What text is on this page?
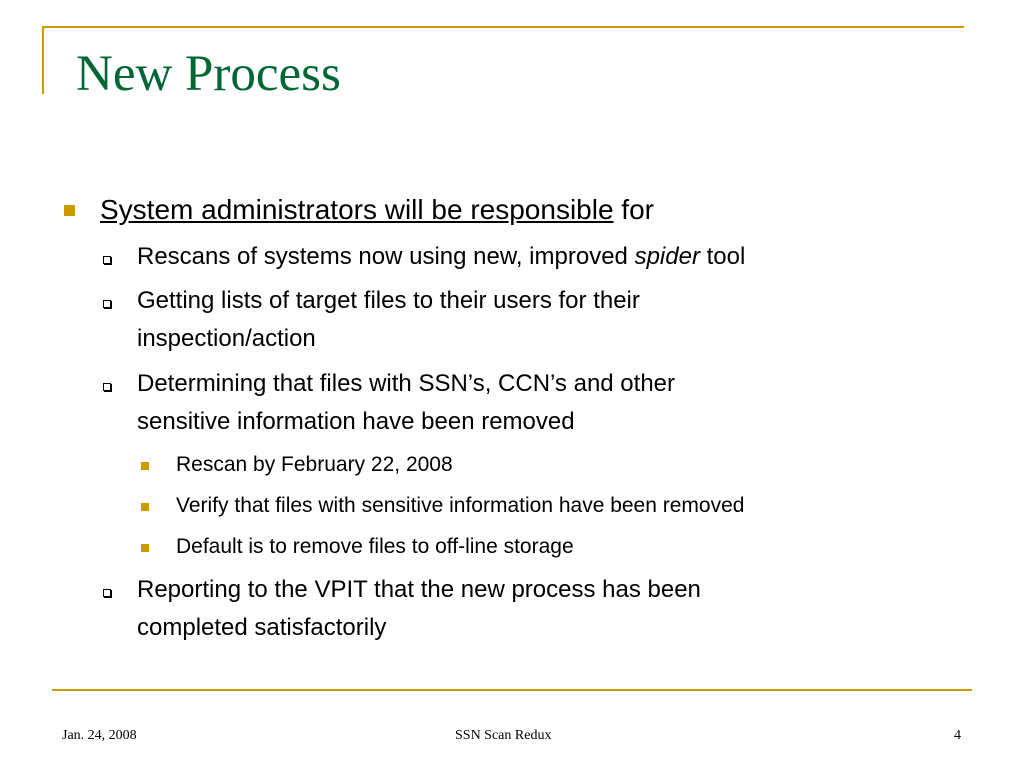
New Process
System administrators will be responsible for
Rescans of systems now using new, improved spider tool
Getting lists of target files to their users for their
inspection/action
Determining that files with SSN’s, CCN’s and other
sensitive information have been removed
Rescan by February 22, 2008
Verify that files with sensitive information have been removed
Default is to remove files to off-line storage
Reporting to the VPIT that the new process has been
completed satisfactorily
Jan. 24, 2008	SSN Scan Redux	4
